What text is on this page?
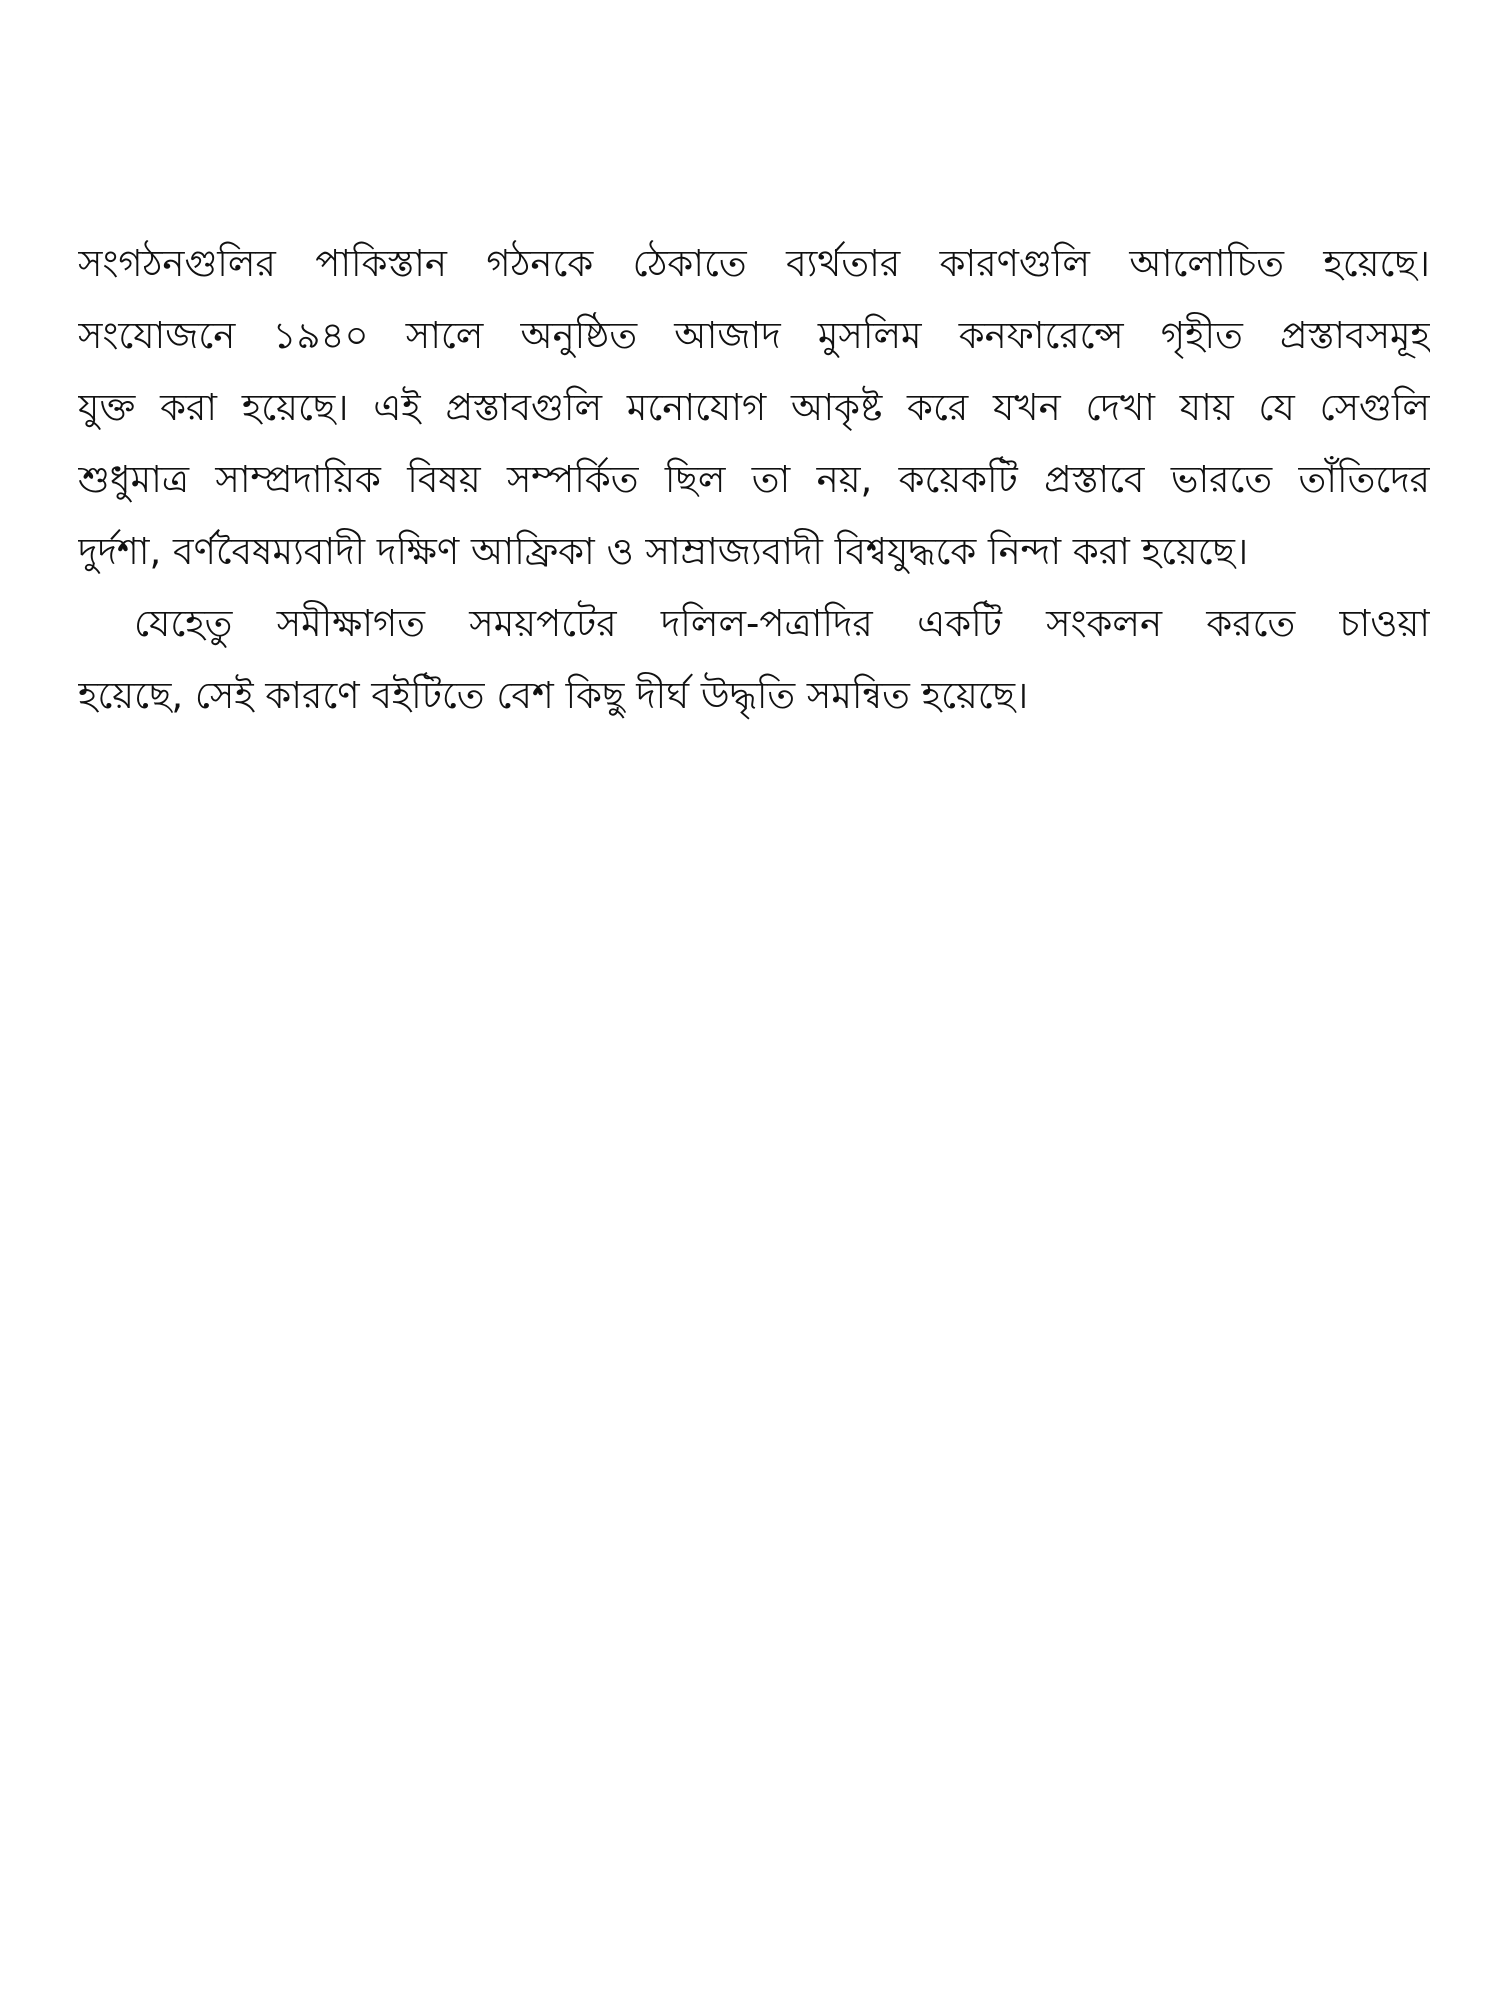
সংগঠনগুলির পাকিস্তান গঠনকে ঠেকাতে ব্যর্থতার কারণগুলি আলোচিত হয়েছে।
সংযোজনে ১৯৪০ সালে অনুষ্ঠিত আজাদ মুসলিম কনফারেন্সে গৃহীত প্রস্তাবসমূহ
যুক্ত করা হয়েছে। এই প্রস্তাবগুলি মনোযোগ আকৃষ্ট করে যখন দেখা যায় যে সেগুলি
শুধুমাত্র সাম্প্রদায়িক বিষয় সম্পর্কিত ছিল তা নয়, কয়েকটি প্রস্তাবে ভারতে তাঁতিদের
দুর্দশা, বর্ণবৈষম্যবাদী দক্ষিণ আফ্রিকা ও সাম্রাজ্যবাদী বিশ্বযুদ্ধকে নিন্দা করা হয়েছে।
যেহেতু সমীক্ষাগত সময়পটের দলিল-পত্রাদির একটি সংকলন করতে চাওয়া
হয়েছে, সেই কারণে বইটিতে বেশ কিছু দীর্ঘ উদ্ধৃতি সমন্বিত হয়েছে।
